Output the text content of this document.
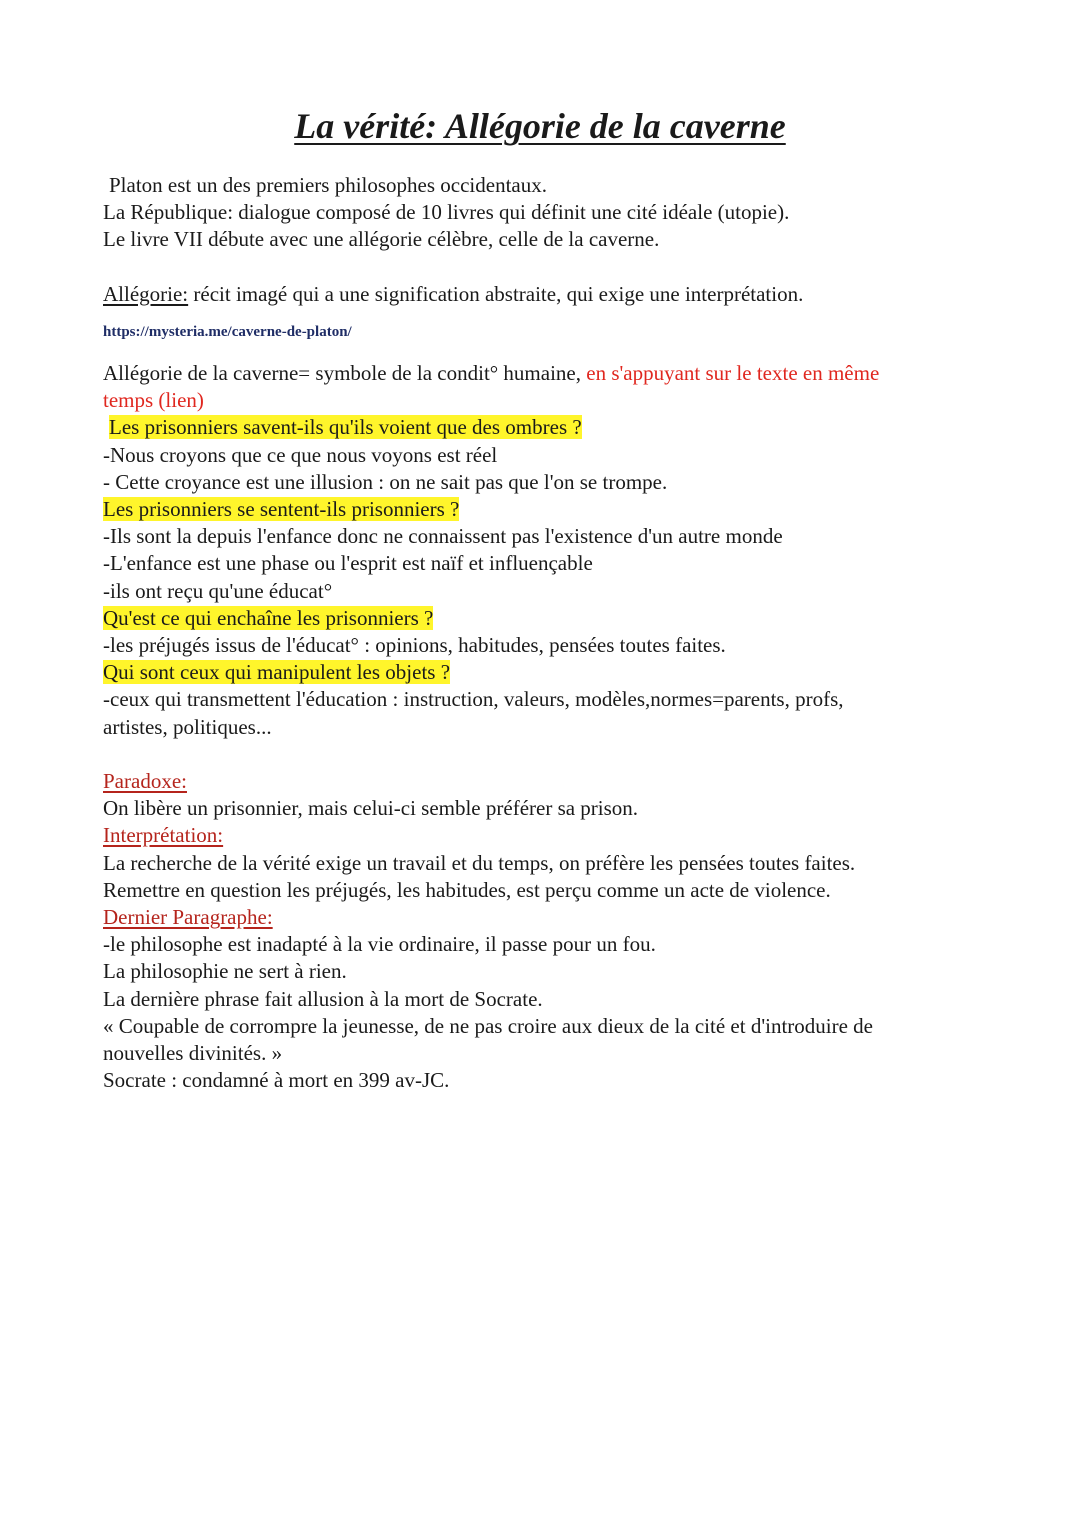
La vérité: Allégorie de la caverne
Platon est un des premiers philosophes occidentaux.
La République: dialogue composé de 10 livres qui définit une cité idéale (utopie).
Le livre VII débute avec une allégorie célèbre, celle de la caverne.
Allégorie: récit imagé qui a une signification abstraite, qui exige une interprétation.
https://mysteria.me/caverne-de-platon/
Allégorie de la caverne= symbole de la condit° humaine, en s'appuyant sur le texte en même
temps (lien)
Les prisonniers savent-ils qu'ils voient que des ombres ?
-Nous croyons que ce que nous voyons est réel
- Cette croyance est une illusion : on ne sait pas que l'on se trompe.
Les prisonniers se sentent-ils prisonniers ?
-Ils sont la depuis l'enfance donc ne connaissent pas l'existence d'un autre monde
-L'enfance est une phase ou l'esprit est naïf et influençable
-ils ont reçu qu'une éducat°
Qu'est ce qui enchaîne les prisonniers ?
-les préjugés issus de l'éducat° : opinions, habitudes, pensées toutes faites.
Qui sont ceux qui manipulent les objets ?
-ceux qui transmettent l'éducation : instruction, valeurs, modèles,normes=parents, profs,
artistes, politiques...
Paradoxe:
On libère un prisonnier, mais celui-ci semble préférer sa prison.
Interprétation:
La recherche de la vérité exige un travail et du temps, on préfère les pensées toutes faites.
Remettre en question les préjugés, les habitudes, est perçu comme un acte de violence.
Dernier Paragraphe:
-le philosophe est inadapté à la vie ordinaire, il passe pour un fou.
La philosophie ne sert à rien.
La dernière phrase fait allusion à la mort de Socrate.
« Coupable de corrompre la jeunesse, de ne pas croire aux dieux de la cité et d'introduire de
nouvelles divinités. »
Socrate : condamné à mort en 399 av-JC.
